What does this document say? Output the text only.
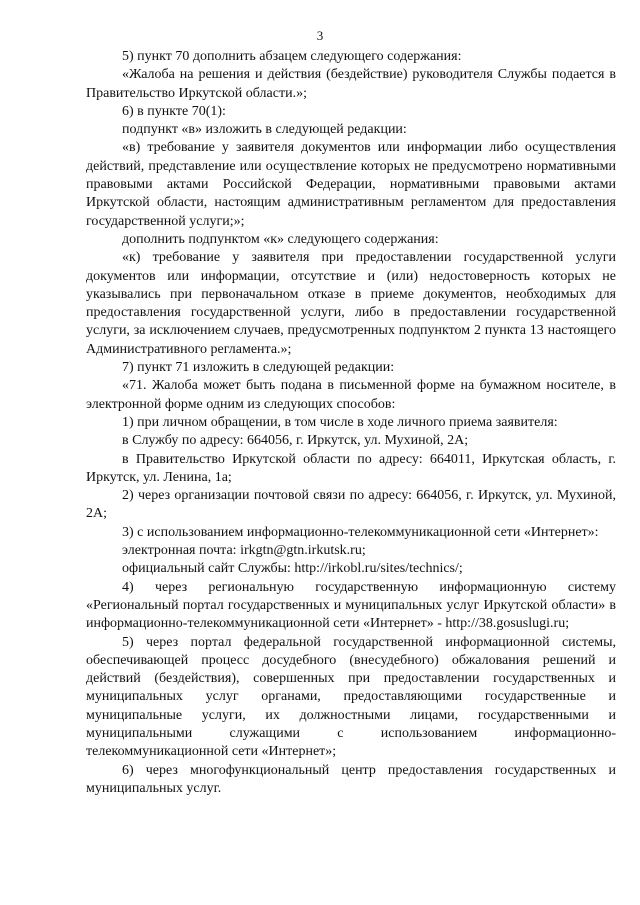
3

5) пункт 70 дополнить абзацем следующего содержания:

«Жалоба на решения и действия (бездействие) руководителя Службы подается в Правительство Иркутской области.»;

6) в пункте 70(1):

подпункт «в» изложить в следующей редакции:

«в) требование у заявителя документов или информации либо осуществления действий, представление или осуществление которых не предусмотрено нормативными правовыми актами Российской Федерации, нормативными правовыми актами Иркутской области, настоящим административным регламентом для предоставления государственной услуги;»;

дополнить подпунктом «к» следующего содержания:

«к) требование у заявителя при предоставлении государственной услуги документов или информации, отсутствие и (или) недостоверность которых не указывались при первоначальном отказе в приеме документов, необходимых для предоставления государственной услуги, либо в предоставлении государственной услуги, за исключением случаев, предусмотренных подпунктом 2 пункта 13 настоящего Административного регламента.»;

7) пункт 71 изложить в следующей редакции:

«71. Жалоба может быть подана в письменной форме на бумажном носителе, в электронной форме одним из следующих способов:

1) при личном обращении, в том числе в ходе личного приема заявителя:

в Службу по адресу: 664056, г. Иркутск, ул. Мухиной, 2А;

в Правительство Иркутской области по адресу: 664011, Иркутская область, г. Иркутск, ул. Ленина, 1а;

2) через организации почтовой связи по адресу: 664056, г. Иркутск, ул. Мухиной, 2А;

3) с использованием информационно-телекоммуникационной сети «Интернет»:

электронная почта: irkgtn@gtn.irkutsk.ru;

официальный сайт Службы: http://irkobl.ru/sites/technics/;

4) через региональную государственную информационную систему «Региональный портал государственных и муниципальных услуг Иркутской области» в информационно-телекоммуникационной сети «Интернет» - http://38.gosuslugi.ru;

5) через портал федеральной государственной информационной системы, обеспечивающей процесс досудебного (внесудебного) обжалования решений и действий (бездействия), совершенных при предоставлении государственных и муниципальных услуг органами, предоставляющими государственные и муниципальные услуги, их должностными лицами, государственными и муниципальными служащими с использованием информационно-телекоммуникационной сети «Интернет»;

6) через многофункциональный центр предоставления государственных и муниципальных услуг.
